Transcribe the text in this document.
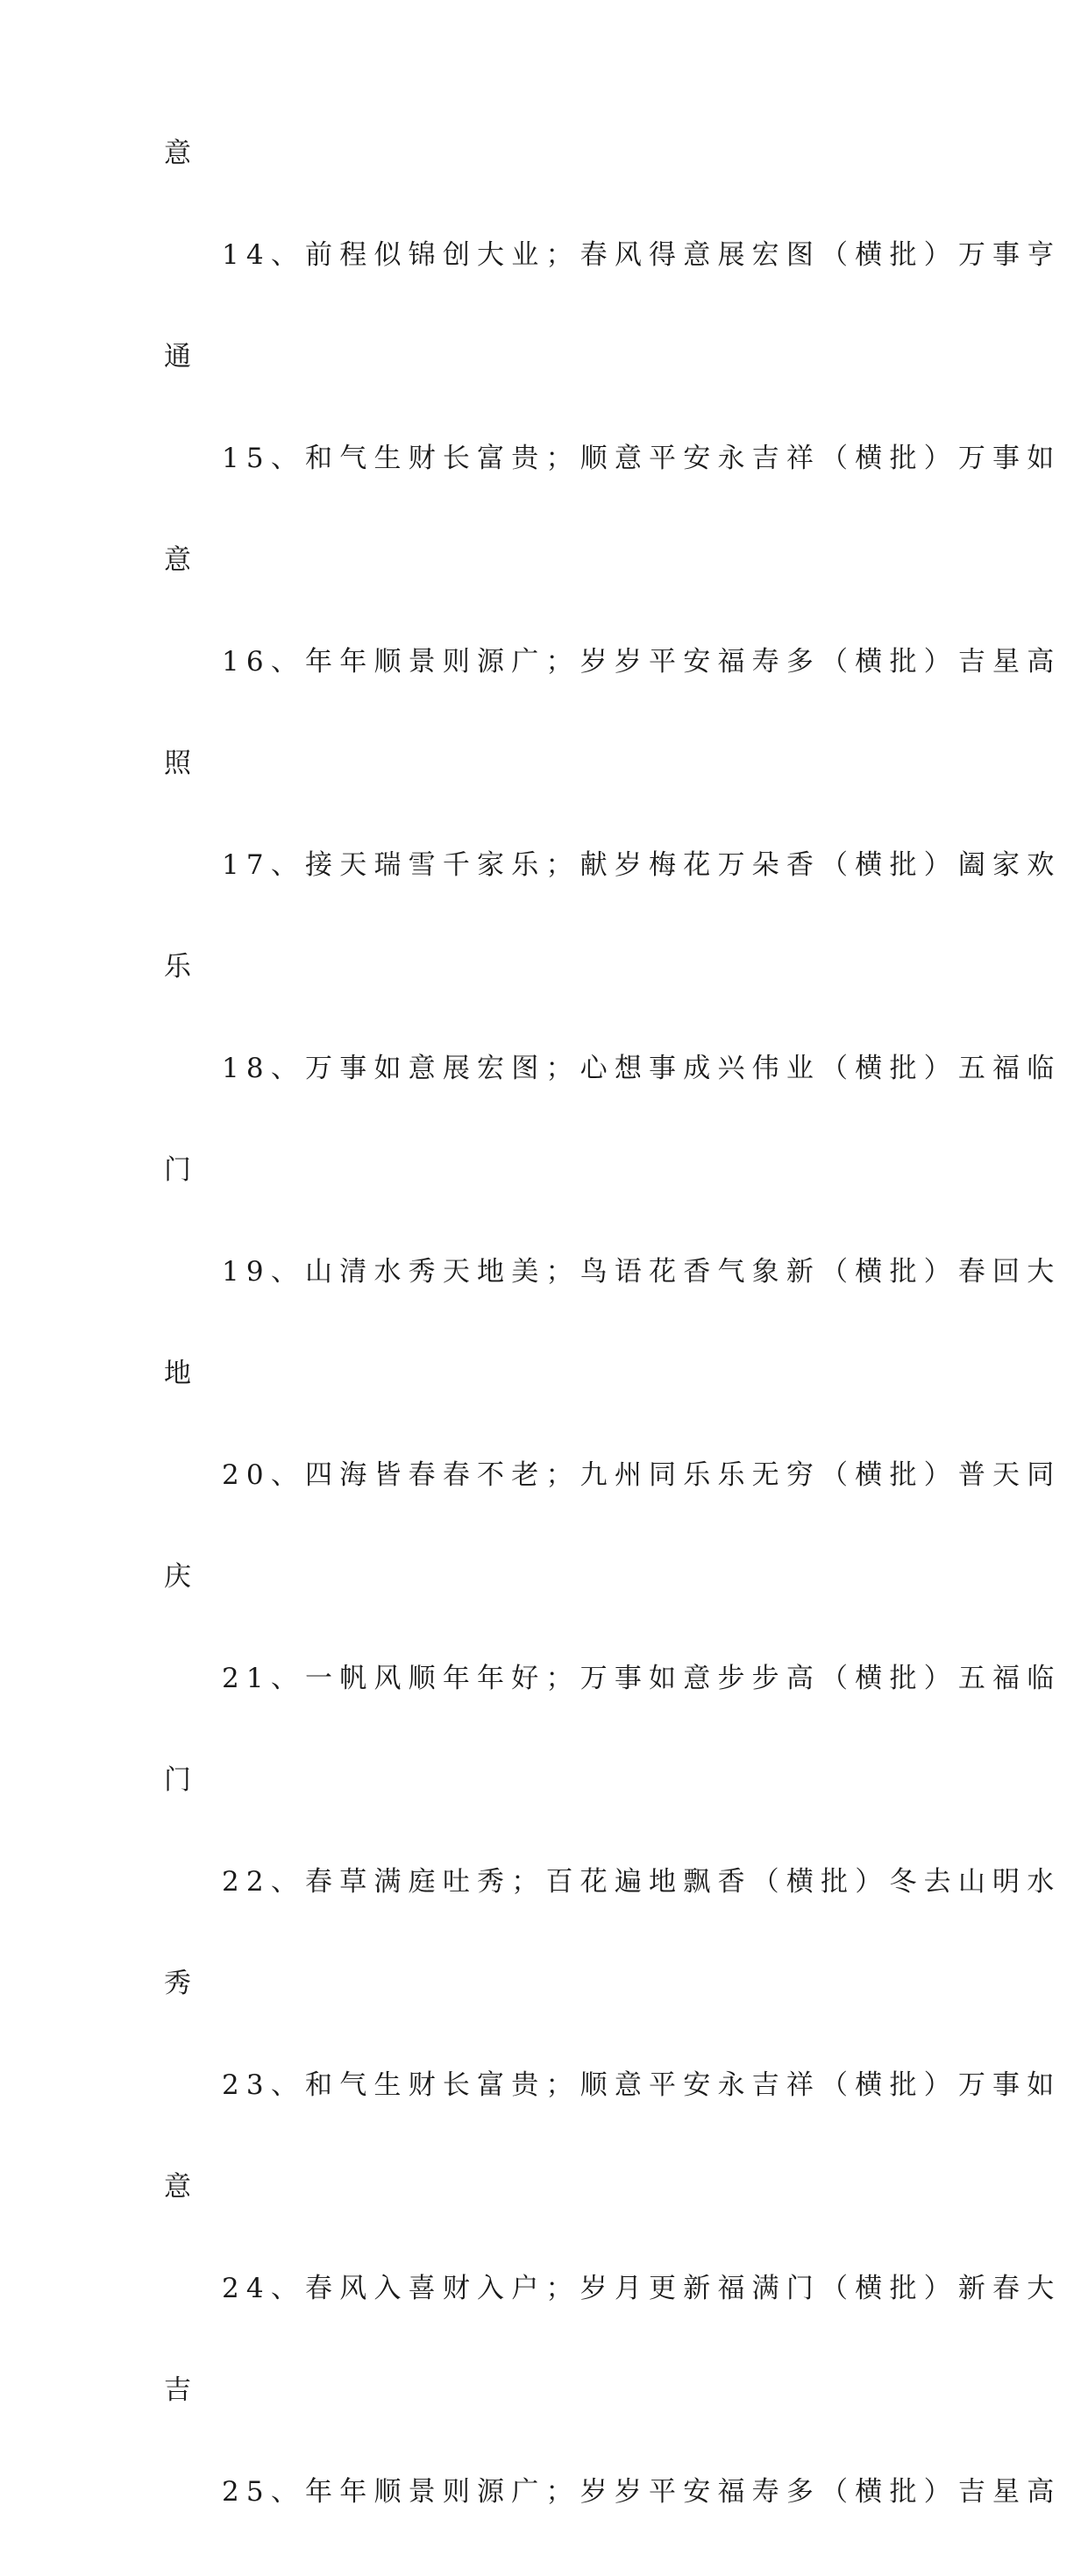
意
14、前程似锦创大业；春风得意展宏图（横批）万事亨
通
15、和气生财长富贵；顺意平安永吉祥（横批）万事如
意
16、年年顺景则源广；岁岁平安福寿多（横批）吉星高
照
17、接天瑞雪千家乐；献岁梅花万朵香（横批）阖家欢
乐
18、万事如意展宏图；心想事成兴伟业（横批）五福临
门
19、山清水秀天地美；鸟语花香气象新（横批）春回大
地
20、四海皆春春不老；九州同乐乐无穷（横批）普天同
庆
21、一帆风顺年年好；万事如意步步高（横批）五福临
门
22、春草满庭吐秀；百花遍地飘香（横批）冬去山明水
秀
23、和气生财长富贵；顺意平安永吉祥（横批）万事如
意
24、春风入喜财入户；岁月更新福满门（横批）新春大
吉
25、年年顺景则源广；岁岁平安福寿多（横批）吉星高
